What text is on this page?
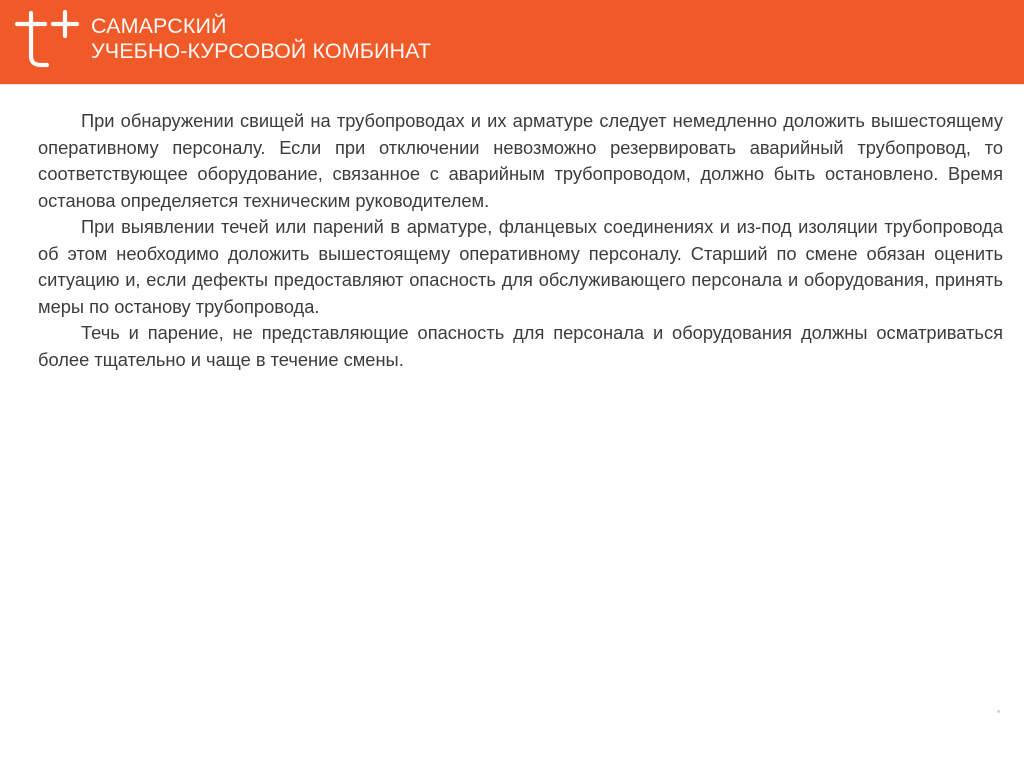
САМАРСКИЙ
УЧЕБНО-КУРСОВОЙ КОМБИНАТ

При обнаружении свищей на трубопроводах и их арматуре следует немедленно доложить вышестоящему оперативному персоналу. Если при отключении невозможно резервировать аварийный трубопровод, то соответствующее оборудование, связанное с аварийным трубопроводом, должно быть остановлено. Время останова определяется техническим руководителем.

При выявлении течей или парений в арматуре, фланцевых соединениях и из-под изоляции трубопровода об этом необходимо доложить вышестоящему оперативному персоналу. Старший по смене обязан оценить ситуацию и, если дефекты предоставляют опасность для обслуживающего персонала и оборудования, принять меры по останову трубопровода.

Течь и парение, не представляющие опасность для персонала и оборудования должны осматриваться более тщательно и чаще в течение смены.
